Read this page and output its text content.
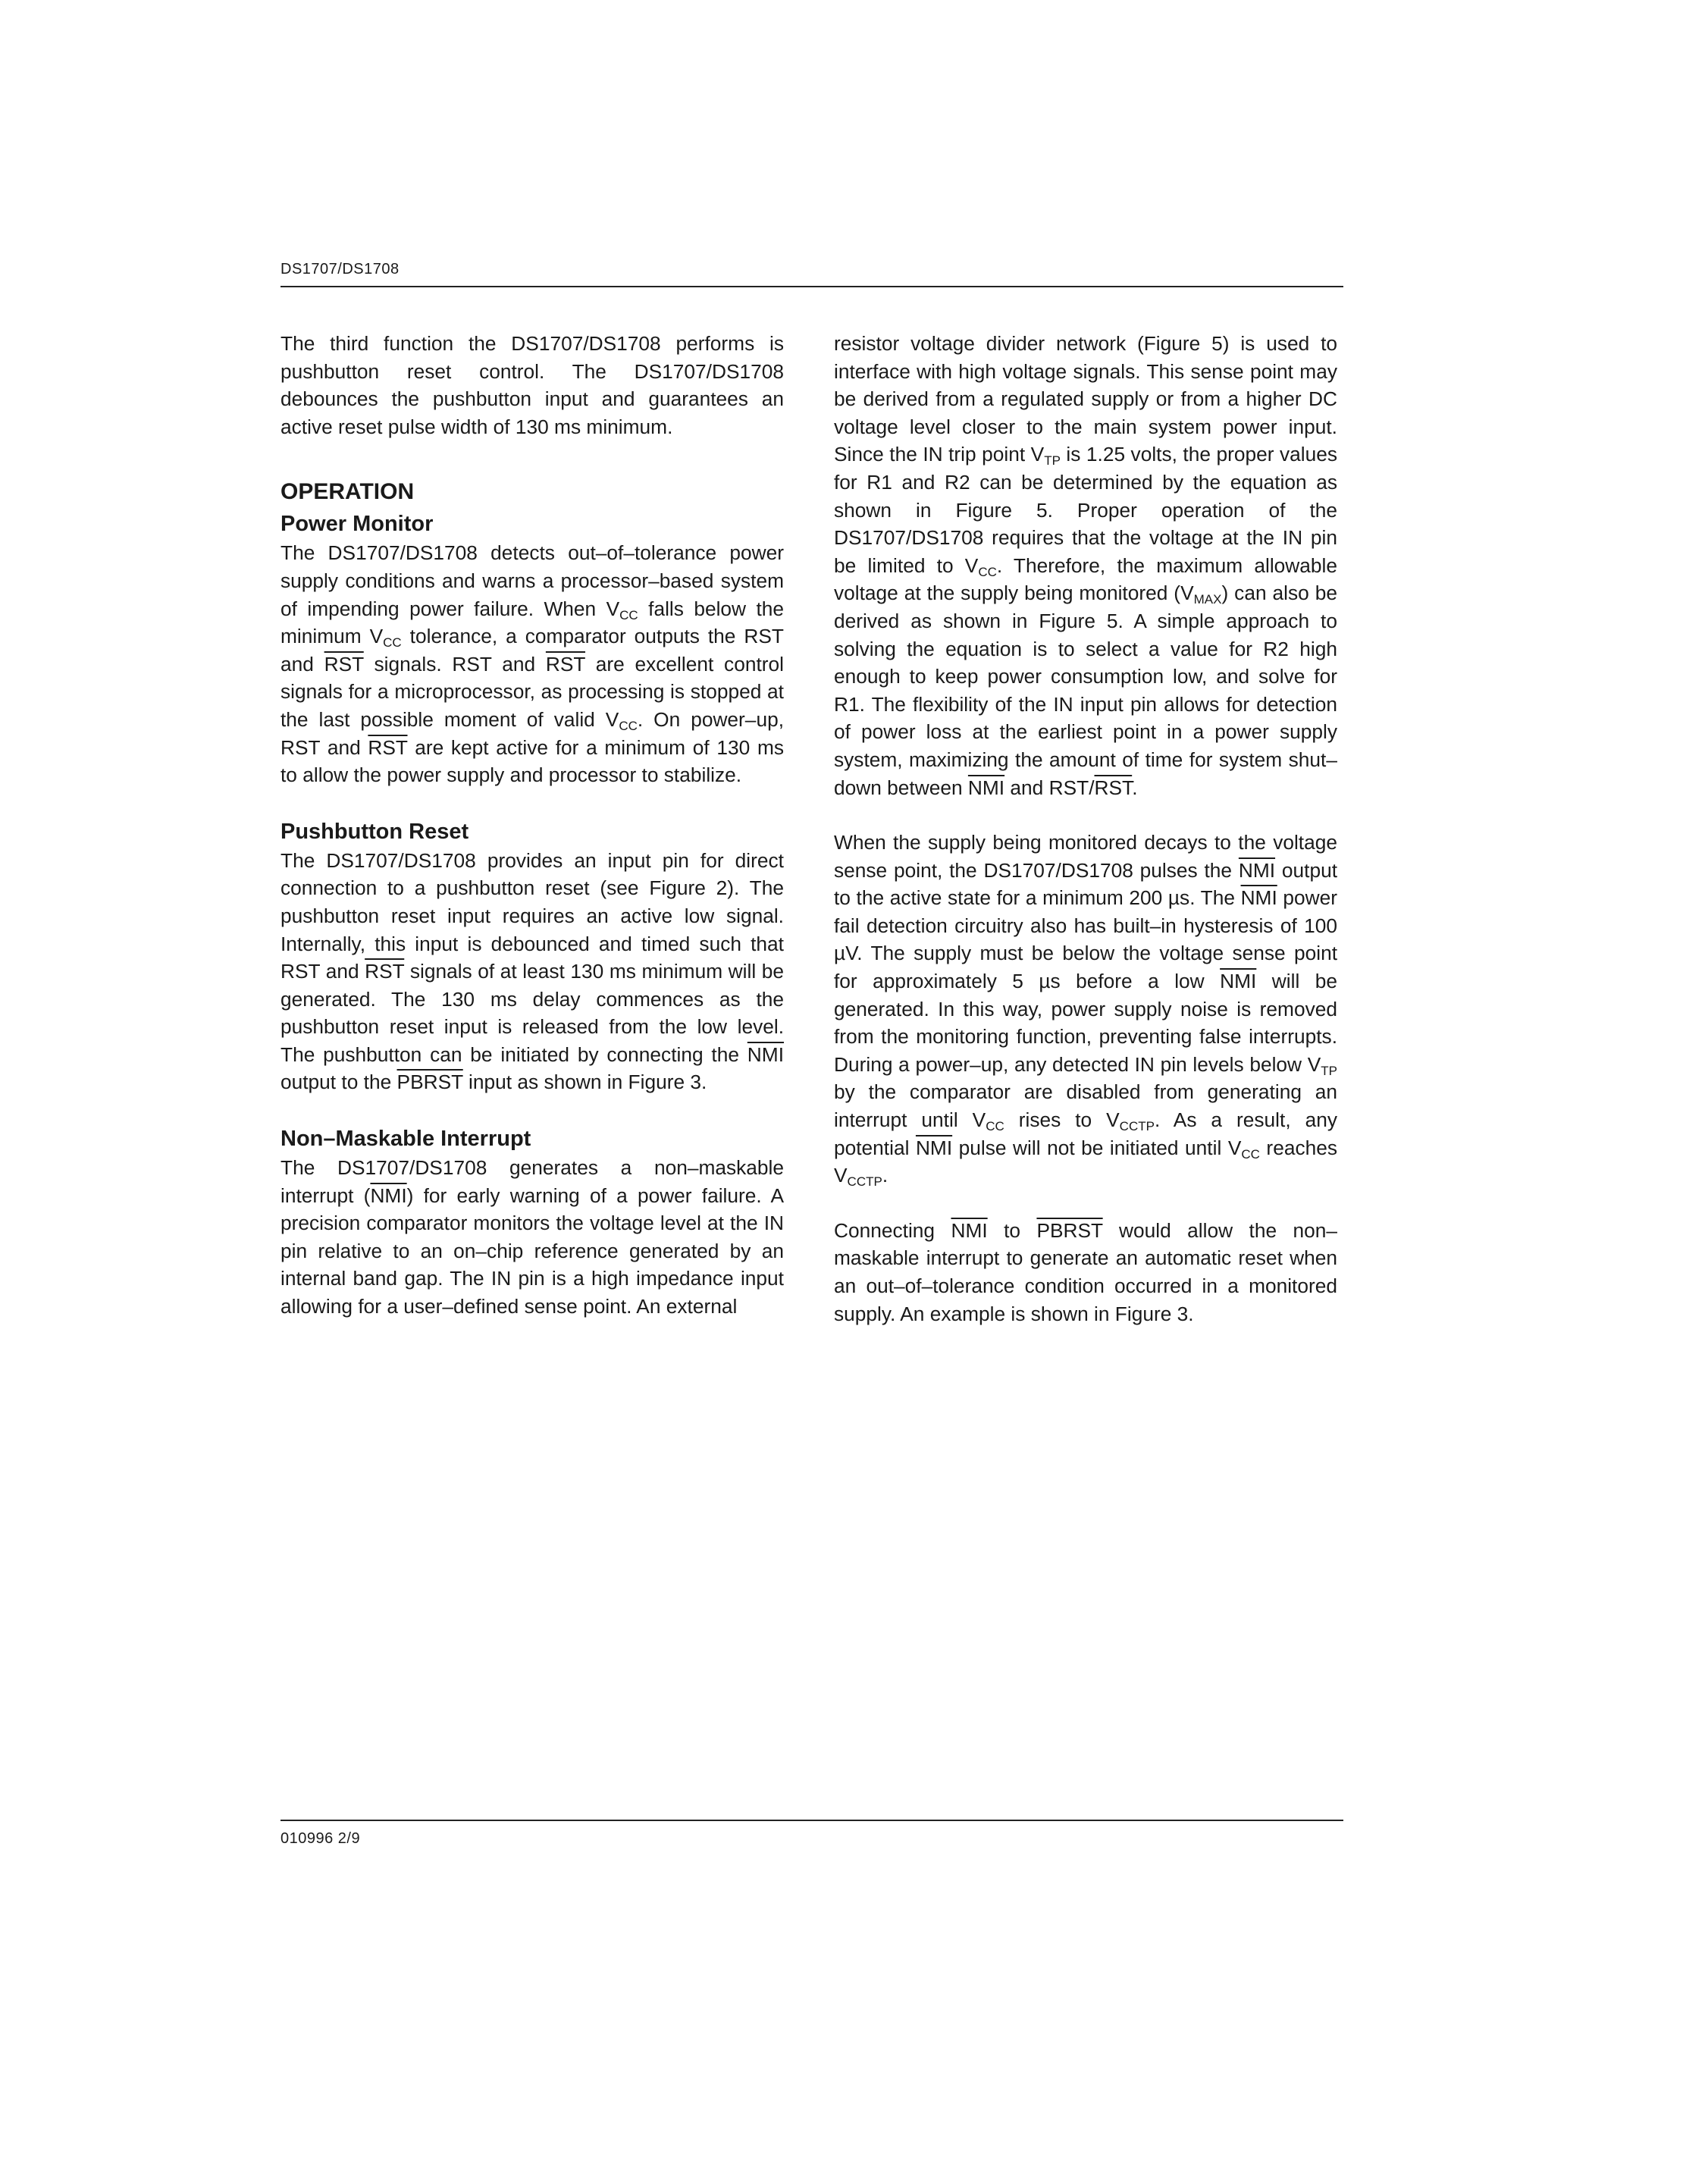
DS1707/DS1708

The third function the DS1707/DS1708 performs is pushbutton reset control. The DS1707/DS1708 debounces the pushbutton input and guarantees an active reset pulse width of 130 ms minimum.

OPERATION
Power Monitor

The DS1707/DS1708 detects out–of–tolerance power supply conditions and warns a processor–based system of impending power failure. When $V_{CC}$ falls below the minimum $V_{CC}$ tolerance, a comparator outputs the RST and $\overline{RST}$ signals. RST and $\overline{RST}$ are excellent control signals for a microprocessor, as processing is stopped at the last possible moment of valid $V_{CC}$. On power–up, RST and $\overline{RST}$ are kept active for a minimum of 130 ms to allow the power supply and processor to stabilize.

Pushbutton Reset

The DS1707/DS1708 provides an input pin for direct connection to a pushbutton reset (see Figure 2). The pushbutton reset input requires an active low signal. Internally, this input is debounced and timed such that RST and $\overline{RST}$ signals of at least 130 ms minimum will be generated. The 130 ms delay commences as the pushbutton reset input is released from the low level. The pushbutton can be initiated by connecting the $\overline{NMI}$ output to the PBRST input as shown in Figure 3.

Non–Maskable Interrupt

The DS1707/DS1708 generates a non–maskable interrupt $(\overline{NMI})$ for early warning of a power failure. A precision comparator monitors the voltage level at the IN pin relative to an on–chip reference generated by an internal band gap. The IN pin is a high impedance input allowing for a user–defined sense point. An external

resistor voltage divider network (Figure 5) is used to interface with high voltage signals. This sense point may be derived from a regulated supply or from a higher DC voltage level closer to the main system power input. Since the IN trip point $V_{TP}$ is 1.25 volts, the proper values for R1 and R2 can be determined by the equation as shown in Figure 5. Proper operation of the DS1707/DS1708 requires that the voltage at the IN pin be limited to $V_{CC}$. Therefore, the maximum allowable voltage at the supply being monitored $(V_{MAX})$ can also be derived as shown in Figure 5. A simple approach to solving the equation is to select a value for R2 high enough to keep power consumption low, and solve for R1. The flexibility of the IN input pin allows for detection of power loss at the earliest point in a power supply system, maximizing the amount of time for system shut–down between $\overline{NMI}$ and RST/$\overline{RST}$.

When the supply being monitored decays to the voltage sense point, the DS1707/DS1708 pulses the $\overline{NMI}$ output to the active state for a minimum 200 µs. The $\overline{NMI}$ power fail detection circuitry also has built–in hysteresis of 100 µV. The supply must be below the voltage sense point for approximately 5 µs before a low $\overline{NMI}$ will be generated. In this way, power supply noise is removed from the monitoring function, preventing false interrupts. During a power–up, any detected IN pin levels below $V_{TP}$ by the comparator are disabled from generating an interrupt until $V_{CC}$ rises to $V_{CCTP}$. As a result, any potential $\overline{NMI}$ pulse will not be initiated until $V_{CC}$ reaches $V_{CCTP}$.

Connecting $\overline{NMI}$ to PBRST would allow the non–maskable interrupt to generate an automatic reset when an out–of–tolerance condition occurred in a monitored supply. An example is shown in Figure 3.

010996 2/9
